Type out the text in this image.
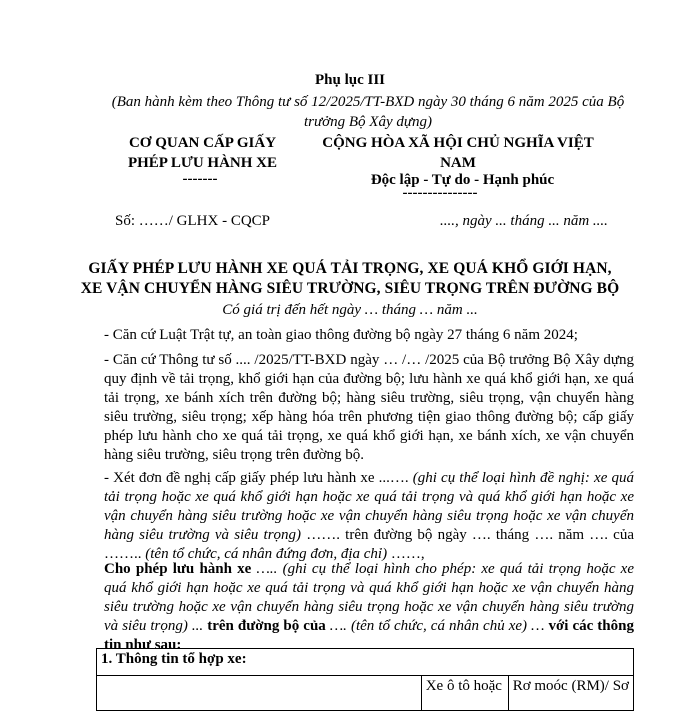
Phụ lục III
(Ban hành kèm theo Thông tư số 12/2025/TT-BXD ngày 30 tháng 6 năm 2025 của Bộ trưởng Bộ Xây dựng)
CƠ QUAN CẤP GIẤY
PHÉP LƯU HÀNH XE
-------
CỘNG HÒA XÃ HỘI CHỦ NGHĨA VIỆT
NAM
Độc lập - Tự do - Hạnh phúc
---------------
Số: ……/ GLHX - CQCP	...., ngày ... tháng ... năm ....
GIẤY PHÉP LƯU HÀNH XE QUÁ TẢI TRỌNG, XE QUÁ KHỔ GIỚI HẠN,
XE VẬN CHUYỂN HÀNG SIÊU TRƯỜNG, SIÊU TRỌNG TRÊN ĐƯỜNG BỘ
Có giá trị đến hết ngày … tháng … năm ...
- Căn cứ Luật Trật tự, an toàn giao thông đường bộ ngày 27 tháng 6 năm 2024;
- Căn cứ Thông tư số .... /2025/TT-BXD ngày … /… /2025 của Bộ trưởng Bộ Xây dựng quy định về tải trọng, khổ giới hạn của đường bộ; lưu hành xe quá khổ giới hạn, xe quá tải trọng, xe bánh xích trên đường bộ; hàng siêu trường, siêu trọng, vận chuyển hàng siêu trường, siêu trọng; xếp hàng hóa trên phương tiện giao thông đường bộ; cấp giấy phép lưu hành cho xe quá tải trọng, xe quá khổ giới hạn, xe bánh xích, xe vận chuyển hàng siêu trường, siêu trọng trên đường bộ.
- Xét đơn đề nghị cấp giấy phép lưu hành xe ...…. (ghi cụ thể loại hình đề nghị: xe quá tải trọng hoặc xe quá khổ giới hạn hoặc xe quá tải trọng và quá khổ giới hạn hoặc xe vận chuyển hàng siêu trường hoặc xe vận chuyển hàng siêu trọng hoặc xe vận chuyển hàng siêu trường và siêu trọng) ……. trên đường bộ ngày …. tháng …. năm …. của …….. (tên tổ chức, cá nhân đứng đơn, địa chỉ) ……,
Cho phép lưu hành xe ….. (ghi cụ thể loại hình cho phép: xe quá tải trọng hoặc xe quá khổ giới hạn hoặc xe quá tải trọng và quá khổ giới hạn hoặc xe vận chuyển hàng siêu trường hoặc xe vận chuyển hàng siêu trọng hoặc xe vận chuyển hàng siêu trường và siêu trọng) ... trên đường bộ của …. (tên tổ chức, cá nhân chủ xe) … với các thông tin như sau:
1. Thông tin tổ hợp xe:
	Xe ô tô hoặc	Rơ moóc (RM)/ Sơ
